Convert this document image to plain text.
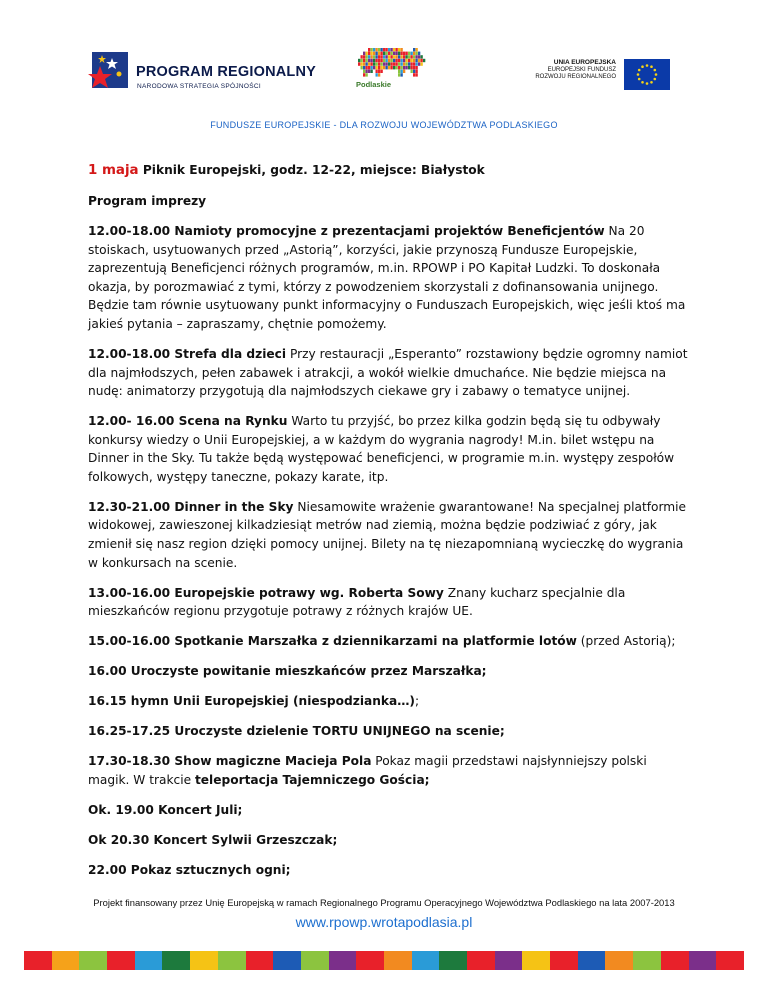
PROGRAM REGIONALNY
NARODOWA STRATEGIA SPÓJNOŚCI	Podlaskie
UNIA EUROPEJSKA
EUROPEJSKI FUNDUSZ
ROZWOJU REGIONALNEGO
FUNDUSZE EUROPEJSKIE - DLA ROZWOJU WOJEWÓDZTWA PODLASKIEGO

1 maja Piknik Europejski, godz. 12-22, miejsce: Białystok

Program imprezy

12.00-18.00 Namioty promocyjne z prezentacjami projektów Beneficjentów Na 20 stoiskach, usytuowanych przed „Astorią”, korzyści, jakie przynoszą Fundusze Europejskie, zaprezentują Beneficjenci różnych programów, m.in. RPOWP i PO Kapitał Ludzki. To doskonała okazja, by porozmawiać z tymi, którzy z powodzeniem skorzystali z dofinansowania unijnego. Będzie tam równie usytuowany punkt informacyjny o Funduszach Europejskich, więc jeśli ktoś ma jakieś pytania – zapraszamy, chętnie pomożemy.

12.00-18.00 Strefa dla dzieci Przy restauracji „Esperanto” rozstawiony będzie ogromny namiot dla najmłodszych, pełen zabawek i atrakcji, a wokół wielkie dmuchańce. Nie będzie miejsca na nudę: animatorzy przygotują dla najmłodszych ciekawe gry i zabawy o tematyce unijnej.

12.00- 16.00 Scena na Rynku Warto tu przyjść, bo przez kilka godzin będą się tu odbywały konkursy wiedzy o Unii Europejskiej, a w każdym do wygrania nagrody! M.in. bilet wstępu na Dinner in the Sky. Tu także będą występować beneficjenci, w programie m.in. występy zespołów folkowych, występy taneczne, pokazy karate, itp.

12.30-21.00 Dinner in the Sky Niesamowite wrażenie gwarantowane! Na specjalnej platformie widokowej, zawieszonej kilkadziesiąt metrów nad ziemią, można będzie podziwiać z góry, jak zmienił się nasz region dzięki pomocy unijnej. Bilety na tę niezapomnianą wycieczkę do wygrania w konkursach na scenie.

13.00-16.00 Europejskie potrawy wg. Roberta Sowy Znany kucharz specjalnie dla mieszkańców regionu przygotuje potrawy z różnych krajów UE.

15.00-16.00 Spotkanie Marszałka z dziennikarzami na platformie lotów (przed Astorią);

16.00 Uroczyste powitanie mieszkańców przez Marszałka;

16.15 hymn Unii Europejskiej (niespodzianka…);

16.25-17.25 Uroczyste dzielenie TORTU UNIJNEGO na scenie;

17.30-18.30 Show magiczne Macieja Pola Pokaz magii przedstawi najsłynniejszy polski magik. W trakcie teleportacja Tajemniczego Gościa;

Ok. 19.00 Koncert Juli;

Ok 20.30 Koncert Sylwii Grzeszczak;

22.00 Pokaz sztucznych ogni;

Projekt finansowany przez Unię Europejską w ramach Regionalnego Programu Operacyjnego Województwa Podlaskiego na lata 2007-2013
www.rpowp.wrotapodlasia.pl
